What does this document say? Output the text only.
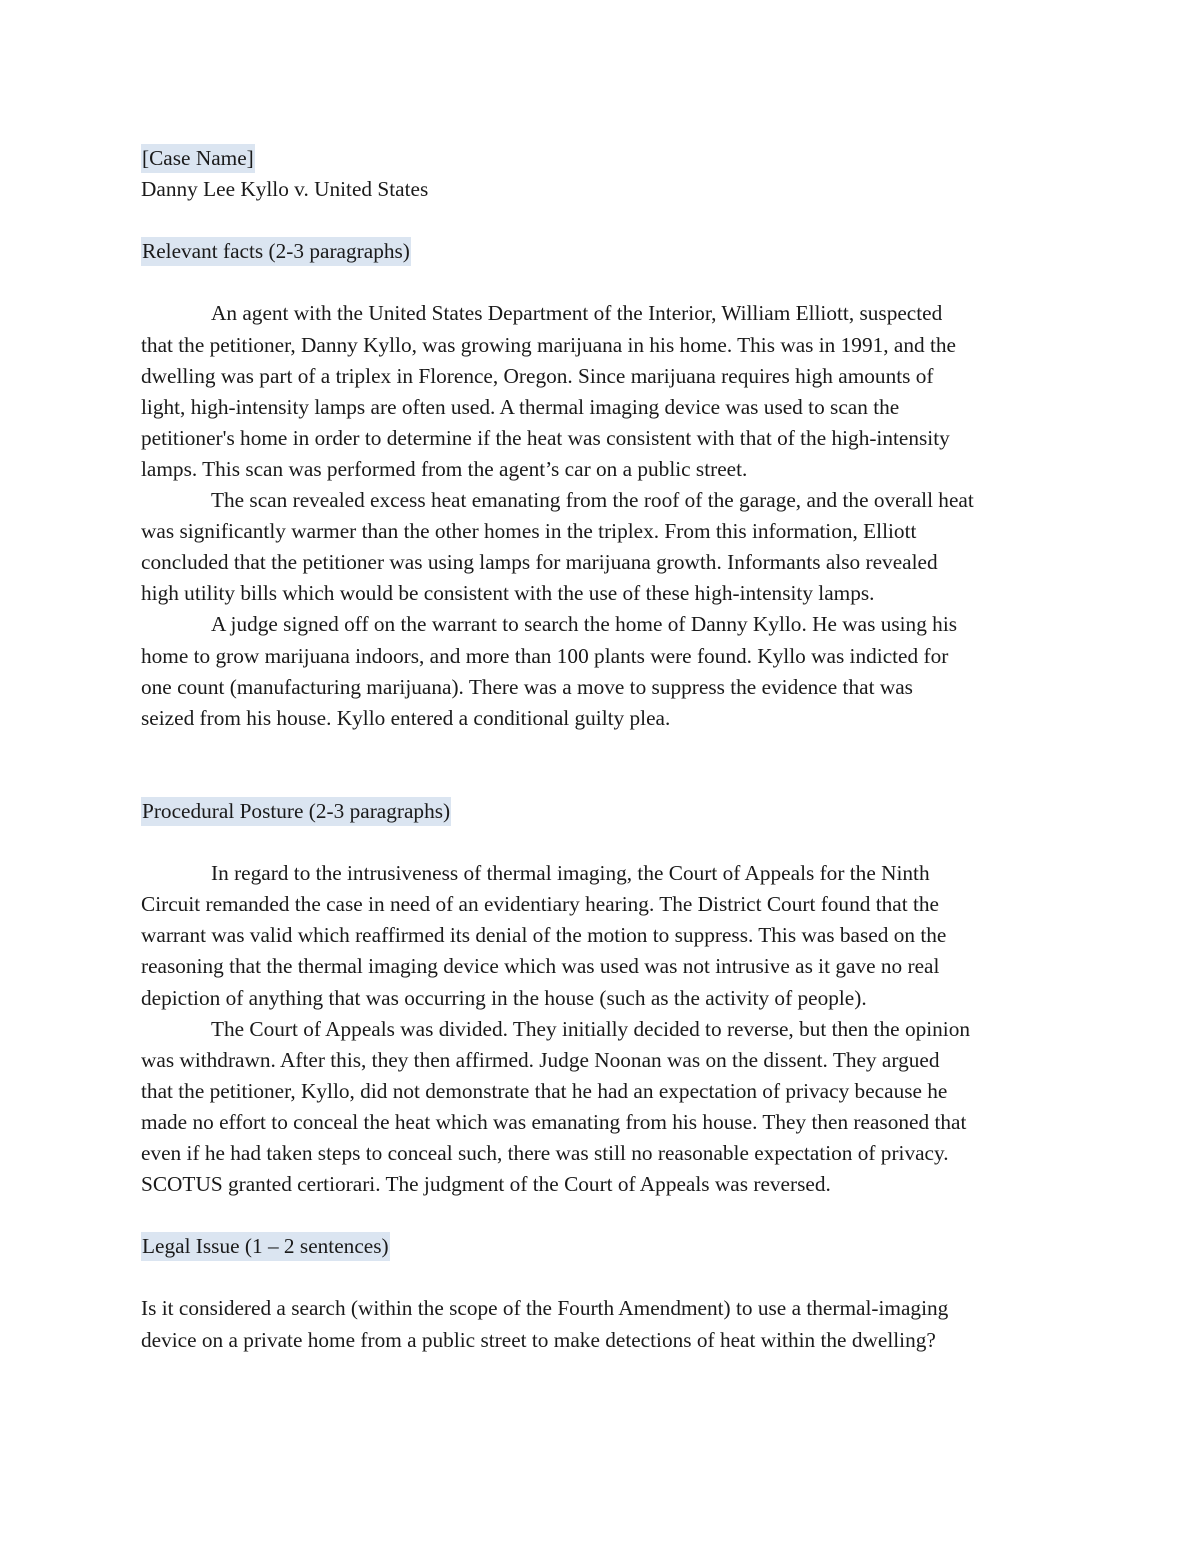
[Case Name]
Danny Lee Kyllo v. United States
Relevant facts (2-3 paragraphs)
An agent with the United States Department of the Interior, William Elliott, suspected
that the petitioner, Danny Kyllo, was growing marijuana in his home. This was in 1991, and the
dwelling was part of a triplex in Florence, Oregon. Since marijuana requires high amounts of
light, high-intensity lamps are often used. A thermal imaging device was used to scan the
petitioner's home in order to determine if the heat was consistent with that of the high-intensity
lamps. This scan was performed from the agent’s car on a public street.
The scan revealed excess heat emanating from the roof of the garage, and the overall heat
was significantly warmer than the other homes in the triplex. From this information, Elliott
concluded that the petitioner was using lamps for marijuana growth. Informants also revealed
high utility bills which would be consistent with the use of these high-intensity lamps.
A judge signed off on the warrant to search the home of Danny Kyllo. He was using his
home to grow marijuana indoors, and more than 100 plants were found. Kyllo was indicted for
one count (manufacturing marijuana). There was a move to suppress the evidence that was
seized from his house. Kyllo entered a conditional guilty plea.
Procedural Posture (2-3 paragraphs)
In regard to the intrusiveness of thermal imaging, the Court of Appeals for the Ninth
Circuit remanded the case in need of an evidentiary hearing. The District Court found that the
warrant was valid which reaffirmed its denial of the motion to suppress. This was based on the
reasoning that the thermal imaging device which was used was not intrusive as it gave no real
depiction of anything that was occurring in the house (such as the activity of people).
The Court of Appeals was divided. They initially decided to reverse, but then the opinion
was withdrawn. After this, they then affirmed. Judge Noonan was on the dissent. They argued
that the petitioner, Kyllo, did not demonstrate that he had an expectation of privacy because he
made no effort to conceal the heat which was emanating from his house. They then reasoned that
even if he had taken steps to conceal such, there was still no reasonable expectation of privacy.
SCOTUS granted certiorari. The judgment of the Court of Appeals was reversed.
Legal Issue (1 – 2 sentences)
Is it considered a search (within the scope of the Fourth Amendment) to use a thermal-imaging
device on a private home from a public street to make detections of heat within the dwelling?
